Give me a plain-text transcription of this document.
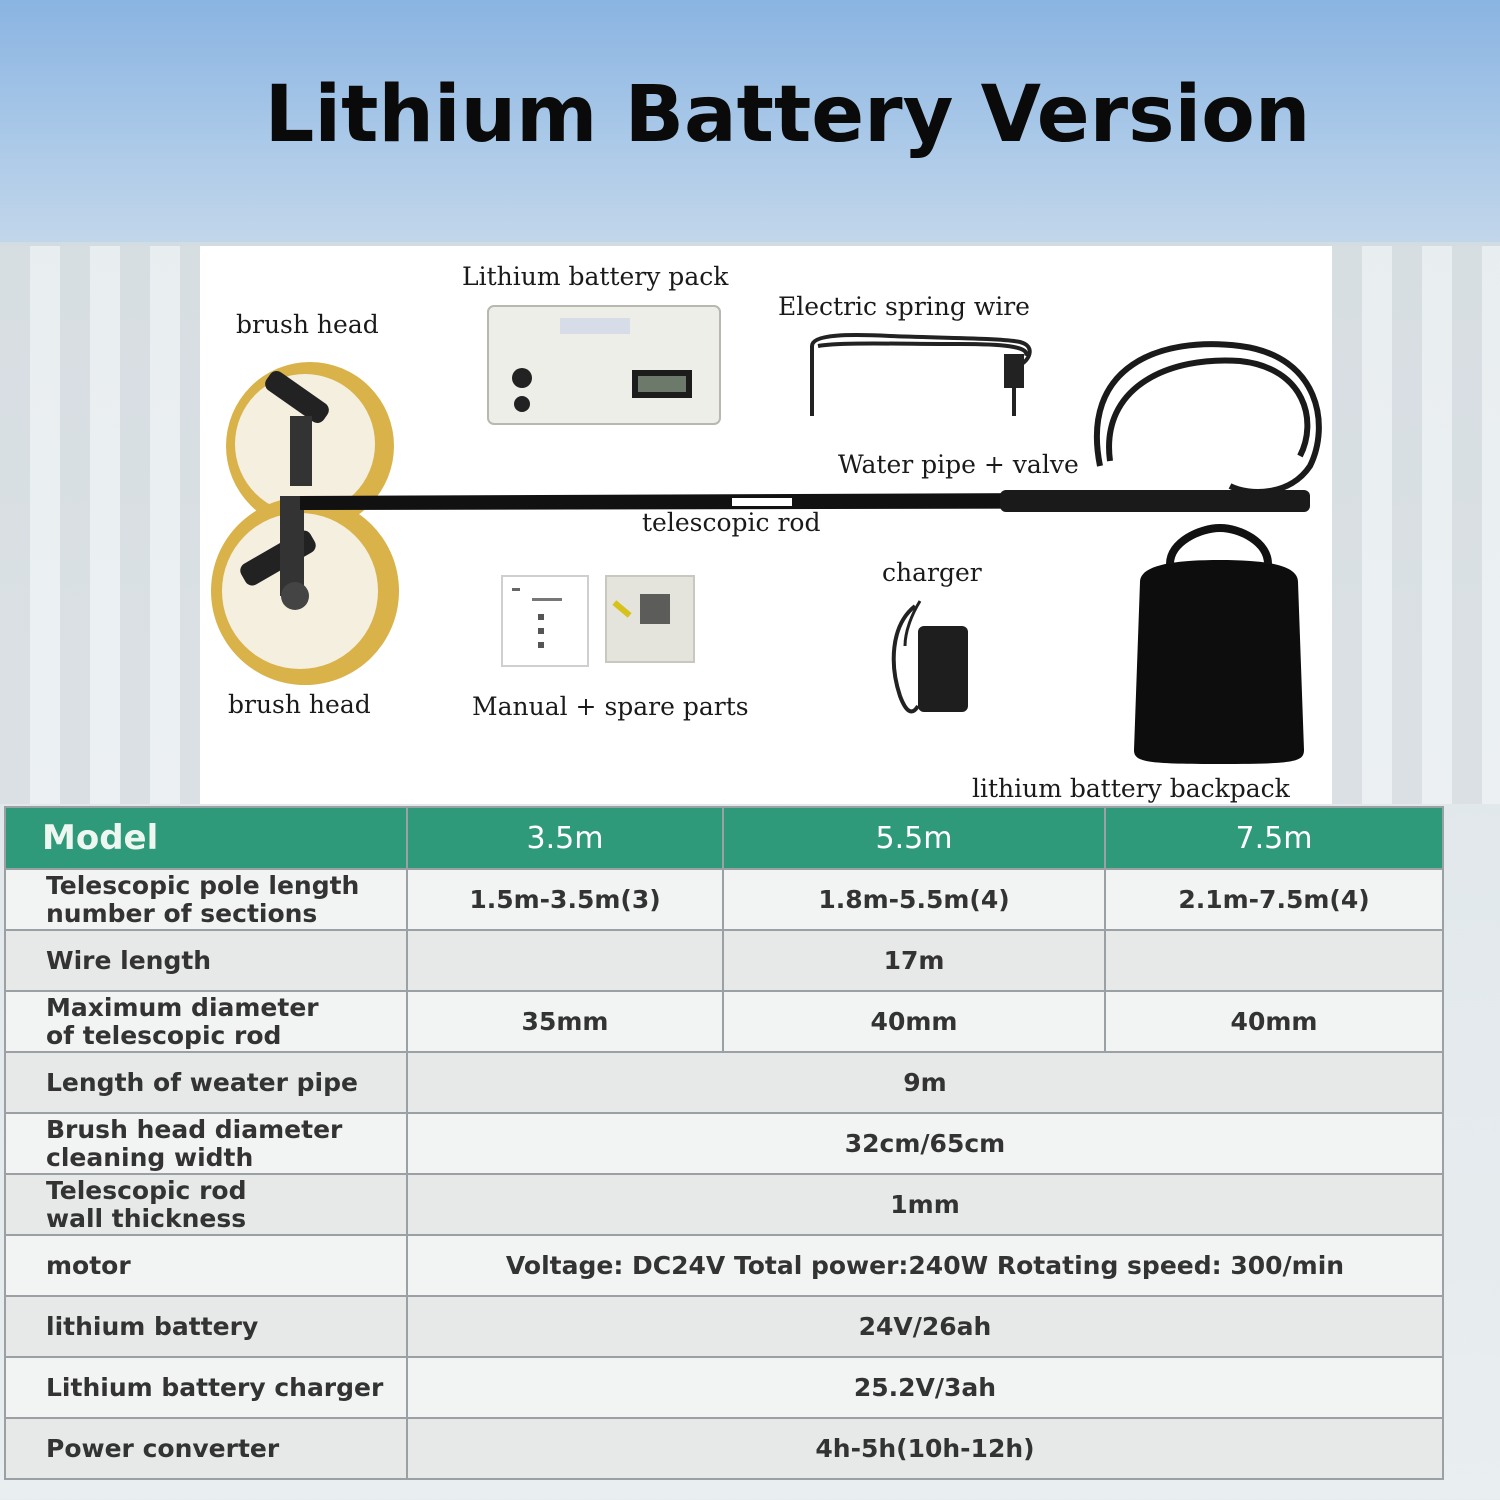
Lithium Battery Version
brush head
Lithium battery pack
Electric spring wire
Water pipe + valve
telescopic rod
charger
brush head	Manual + spare parts
lithium battery backpack
Model	3.5m	5.5m	7.5m

Telescopic pole length
number of sections	1.5m-3.5m(3)	1.8m-5.5m(4)	2.1m-7.5m(4)
Wire length		17m	

Maximum diameter
of telescopic rod	35mm	40mm	40mm
Length of weater pipe	9m		

Brush head diameter
cleaning width	32cm/65cm		

Telescopic rod
wall thickness	1mm		
motor	Voltage: DC24V Total power:240W Rotating speed: 300/min		
lithium battery	24V/26ah		
Lithium battery charger	25.2V/3ah		
Power converter	4h-5h(10h-12h)		
